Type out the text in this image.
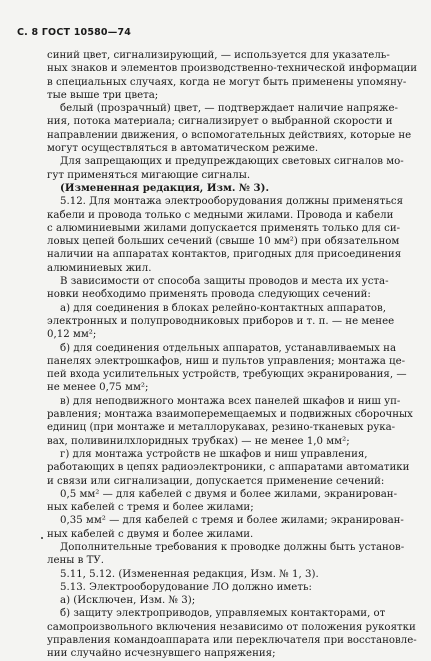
С. 8 ГОСТ 10580—74
синий цвет, сигнализирующий, — используется для указатель-
ных знаков и элементов производственно-технической информации
в специальных случаях, когда не могут быть применены упомяну-
тые выше три цвета;
белый (прозрачный) цвет, — подтверждает наличие напряже-
ния, потока материала; сигнализирует о выбранной скорости и
направлении движения, о вспомогательных действиях, которые не
могут осуществляться в автоматическом режиме.
Для запрещающих и предупреждающих световых сигналов мо-
гут применяться мигающие сигналы.
(Измененная редакция, Изм. № 3).
5.12. Для монтажа электрооборудования должны применяться
кабели и провода только с медными жилами. Провода и кабели
с алюминиевыми жилами допускается применять только для си-
ловых цепей больших сечений (свыше 10 мм²) при обязательном
наличии на аппаратах контактов, пригодных для присоединения
алюминиевых жил.
В зависимости от способа защиты проводов и места их уста-
новки необходимо применять провода следующих сечений:
а) для соединения в блоках релейно-контактных аппаратов,
электронных и полупроводниковых приборов и т. п. — не менее
0,12 мм²;
б) для соединения отдельных аппаратов, устанавливаемых на
панелях электрошкафов, ниш и пультов управления; монтажа це-
пей входа усилительных устройств, требующих экранирования, —
не менее 0,75 мм²;
в) для неподвижного монтажа всех панелей шкафов и ниш уп-
равления; монтажа взаимоперемещаемых и подвижных сборочных
единиц (при монтаже и металлорукавах, резино-тканевых рука-
вах, поливинилхлоридных трубках) — не менее 1,0 мм²;
г) для монтажа устройств не шкафов и ниш управления,
работающих в цепях радиоэлектроники, с аппаратами автоматики
и связи или сигнализации, допускается применение сечений:
0,5 мм² — для кабелей с двумя и более жилами, экранирован-
ных кабелей с тремя и более жилами;
0,35 мм² — для кабелей с тремя и более жилами; экранирован-
ных кабелей с двумя и более жилами.
Дополнительные требования к проводке должны быть установ-
лены в ТУ.
5.11, 5.12. (Измененная редакция, Изм. № 1, 3).
5.13. Электрооборудование ЛО должно иметь:
а) (Исключен, Изм. № 3);
б) защиту электроприводов, управляемых контакторами, от
самопроизвольного включения независимо от положения рукоятки
управления командоаппарата или переключателя при восстановле-
нии случайно исчезнувшего напряжения;
